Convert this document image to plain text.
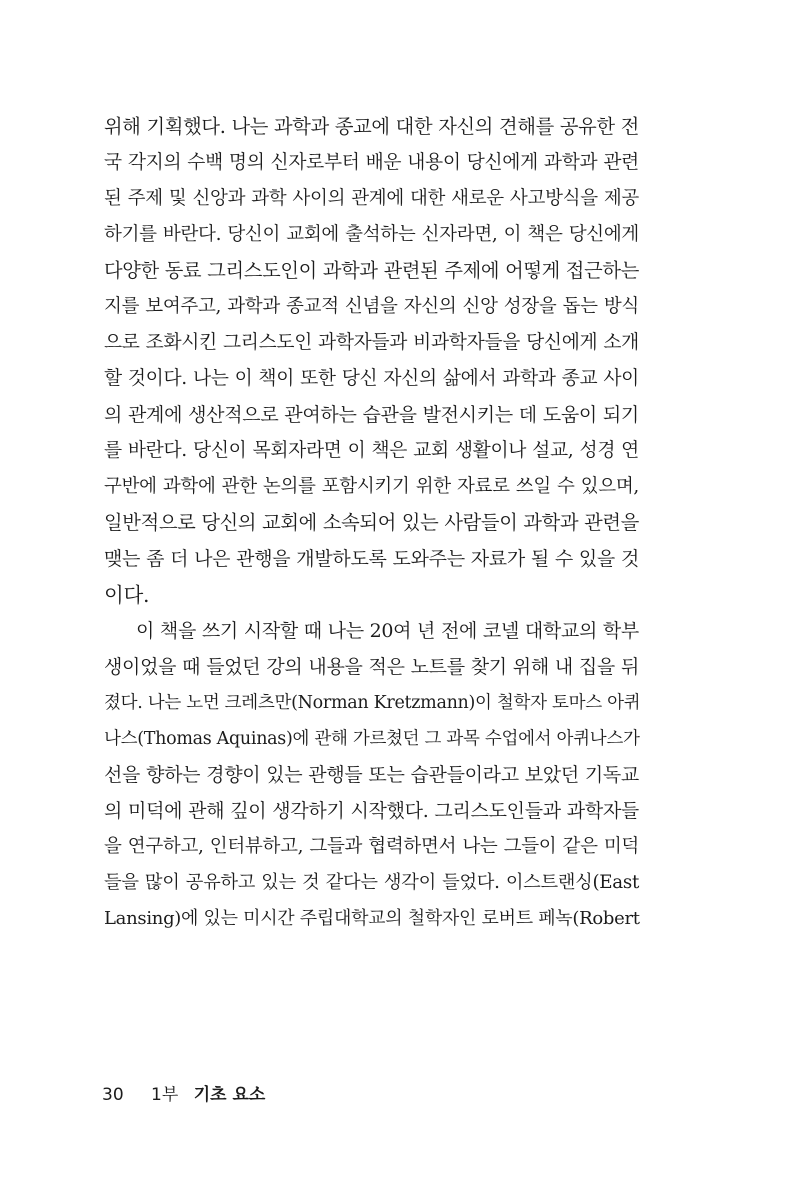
위해 기획했다. 나는 과학과 종교에 대한 자신의 견해를 공유한 전
국 각지의 수백 명의 신자로부터 배운 내용이 당신에게 과학과 관련
된 주제 및 신앙과 과학 사이의 관계에 대한 새로운 사고방식을 제공
하기를 바란다. 당신이 교회에 출석하는 신자라면, 이 책은 당신에게
다양한 동료 그리스도인이 과학과 관련된 주제에 어떻게 접근하는
지를 보여주고, 과학과 종교적 신념을 자신의 신앙 성장을 돕는 방식
으로 조화시킨 그리스도인 과학자들과 비과학자들을 당신에게 소개
할 것이다. 나는 이 책이 또한 당신 자신의 삶에서 과학과 종교 사이
의 관계에 생산적으로 관여하는 습관을 발전시키는 데 도움이 되기
를 바란다. 당신이 목회자라면 이 책은 교회 생활이나 설교, 성경 연
구반에 과학에 관한 논의를 포함시키기 위한 자료로 쓰일 수 있으며,
일반적으로 당신의 교회에 소속되어 있는 사람들이 과학과 관련을
맺는 좀 더 나은 관행을 개발하도록 도와주는 자료가 될 수 있을 것
이다.
이 책을 쓰기 시작할 때 나는 20여 년 전에 코넬 대학교의 학부
생이었을 때 들었던 강의 내용을 적은 노트를 찾기 위해 내 집을 뒤
졌다. 나는 노먼 크레츠만(Norman Kretzmann)이 철학자 토마스 아퀴
나스(Thomas Aquinas)에 관해 가르쳤던 그 과목 수업에서 아퀴나스가
선을 향하는 경향이 있는 관행들 또는 습관들이라고 보았던 기독교
의 미덕에 관해 깊이 생각하기 시작했다. 그리스도인들과 과학자들
을 연구하고, 인터뷰하고, 그들과 협력하면서 나는 그들이 같은 미덕
들을 많이 공유하고 있는 것 같다는 생각이 들었다. 이스트랜싱(East
Lansing)에 있는 미시간 주립대학교의 철학자인 로버트 페녹(Robert
30 1부 기초 요소
